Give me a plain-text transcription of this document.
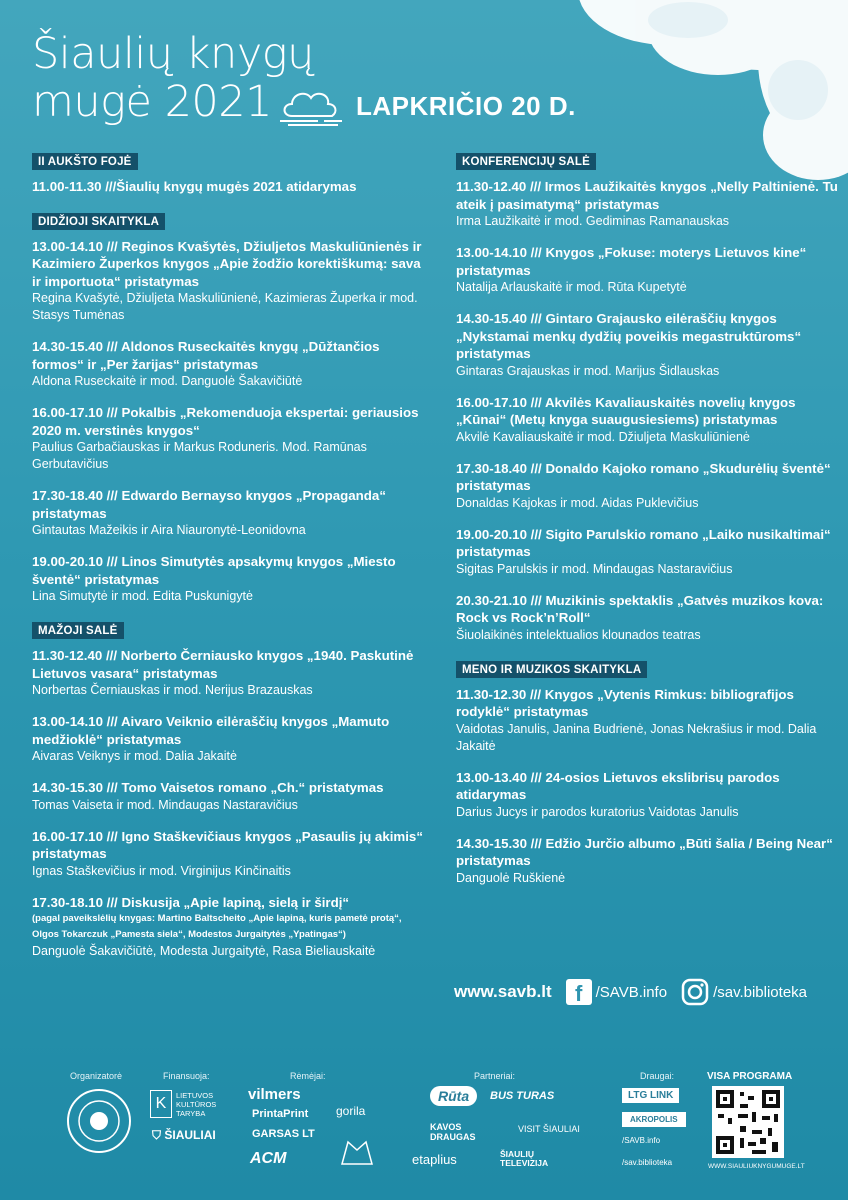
Šiaulių knygų
mugė 2021	LAPKRIČIO 20 D.
II AUKŠTO FOJĖ
11.00-11.30 ///Šiaulių knygų mugės 2021 atidarymas
DIDŽIOJI SKAITYKLA
13.00-14.10 /// Reginos Kvašytės, Džiuljetos Maskuliūnienės ir Kazimiero Župerkos knygos „Apie žodžio korektiškumą: sava ir importuota“ pristatymas
Regina Kvašytė, Džiuljeta Maskuliūnienė, Kazimieras Župerka ir mod. Stasys Tumėnas
14.30-15.40 /// Aldonos Ruseckaitės knygų „Dūžtančios formos“ ir „Per žarijas“ pristatymas
Aldona Ruseckaitė ir mod. Danguolė Šakavičiūtė
16.00-17.10 /// Pokalbis „Rekomenduoja ekspertai: geriausios 2020 m. verstinės knygos“
Paulius Garbačiauskas ir Markus Roduneris. Mod. Ramūnas Gerbutavičius
17.30-18.40 /// Edwardo Bernayso knygos „Propaganda“ pristatymas
Gintautas Mažeikis ir Aira Niauronytė-Leonidovna
19.00-20.10 /// Linos Simutytės apsakymų knygos „Miesto šventė“ pristatymas
Lina Simutytė ir mod. Edita Puskunigytė
MAŽOJI SALĖ
11.30-12.40 /// Norberto Černiausko knygos „1940. Paskutinė Lietuvos vasara“ pristatymas
Norbertas Černiauskas ir mod. Nerijus Brazauskas
13.00-14.10 /// Aivaro Veiknio eilėraščių knygos „Mamuto medžioklė“ pristatymas
Aivaras Veiknys ir mod. Dalia Jakaitė
14.30-15.30 /// Tomo Vaisetos romano „Ch.“ pristatymas
Tomas Vaiseta ir mod. Mindaugas Nastaravičius
16.00-17.10 /// Igno Staškevičiaus knygos „Pasaulis jų akimis“ pristatymas
Ignas Staškevičius ir mod. Virginijus Kinčinaitis
17.30-18.10 /// Diskusija „Apie lapiną, sielą ir širdį“
(pagal paveikslėlių knygas: Martino Baltscheito „Apie lapiną, kuris pametė protą“, Olgos Tokarczuk „Pamesta siela“, Modestos Jurgaitytės „Ypatingas“)
Danguolė Šakavičiūtė, Modesta Jurgaitytė, Rasa Bieliauskaitė
KONFERENCIJŲ SALĖ
11.30-12.40 /// Irmos Laužikaitės knygos „Nelly Paltinienė. Tu ateik į pasimatymą“ pristatymas
Irma Laužikaitė ir mod. Gediminas Ramanauskas
13.00-14.10 /// Knygos „Fokuse: moterys Lietuvos kine“ pristatymas
Natalija Arlauskaitė ir mod. Rūta Kupetytė
14.30-15.40 /// Gintaro Grajausko eilėraščių knygos „Nykstamai menkų dydžių poveikis megastruktūroms“ pristatymas
Gintaras Grajauskas ir mod. Marijus Šidlauskas
16.00-17.10 /// Akvilės Kavaliauskaitės novelių knygos „Kūnai“ (Metų knyga suaugusiesiems) pristatymas
Akvilė Kavaliauskaitė ir mod. Džiuljeta Maskuliūnienė
17.30-18.40 /// Donaldo Kajoko romano „Skudurėlių šventė“ pristatymas
Donaldas Kajokas ir mod. Aidas Puklevičius
19.00-20.10 /// Sigito Parulskio romano „Laiko nusikaltimai“ pristatymas
Sigitas Parulskis ir mod. Mindaugas Nastaravičius
20.30-21.10 /// Muzikinis spektaklis „Gatvės muzikos kova: Rock vs Rock’n’Roll“
Šiuolaikinės intelektualios klounados teatras
MENO IR MUZIKOS SKAITYKLA
11.30-12.30 /// Knygos „Vytenis Rimkus: bibliografijos rodyklė“ pristatymas
Vaidotas Janulis, Janina Budrienė, Jonas Nekrašius ir mod. Dalia Jakaitė
13.00-13.40 /// 24-osios Lietuvos ekslibrisų parodos atidarymas
Darius Jucys ir parodos kuratorius Vaidotas Janulis
14.30-15.30 /// Edžio Jurčio albumo „Būti šalia / Being Near“ pristatymas
Danguolė Ruškienė
www.savb.lt	f /SAVB.info	/sav.biblioteka
Organizatorė	Finansuoja:
K	LIETUVOS KULTŪROS TARYBA
⛉ ŠIAULIAI
Rėmėjai:
vilmers
PrintaPrint
GARSAS LT
ACM
gorila
Partneriai:
Rūta	BUS TURAS
KAVOS DRAUGAS
VISIT ŠIAULIAI
etaplius	ŠIAULIŲ TELEVIZIJA
Draugai:
LTG LINK
AKROPOLIS
/SAVB.info
/sav.biblioteka
VISA PROGRAMA
WWW.SIAULIUKNYGUMUGE.LT
